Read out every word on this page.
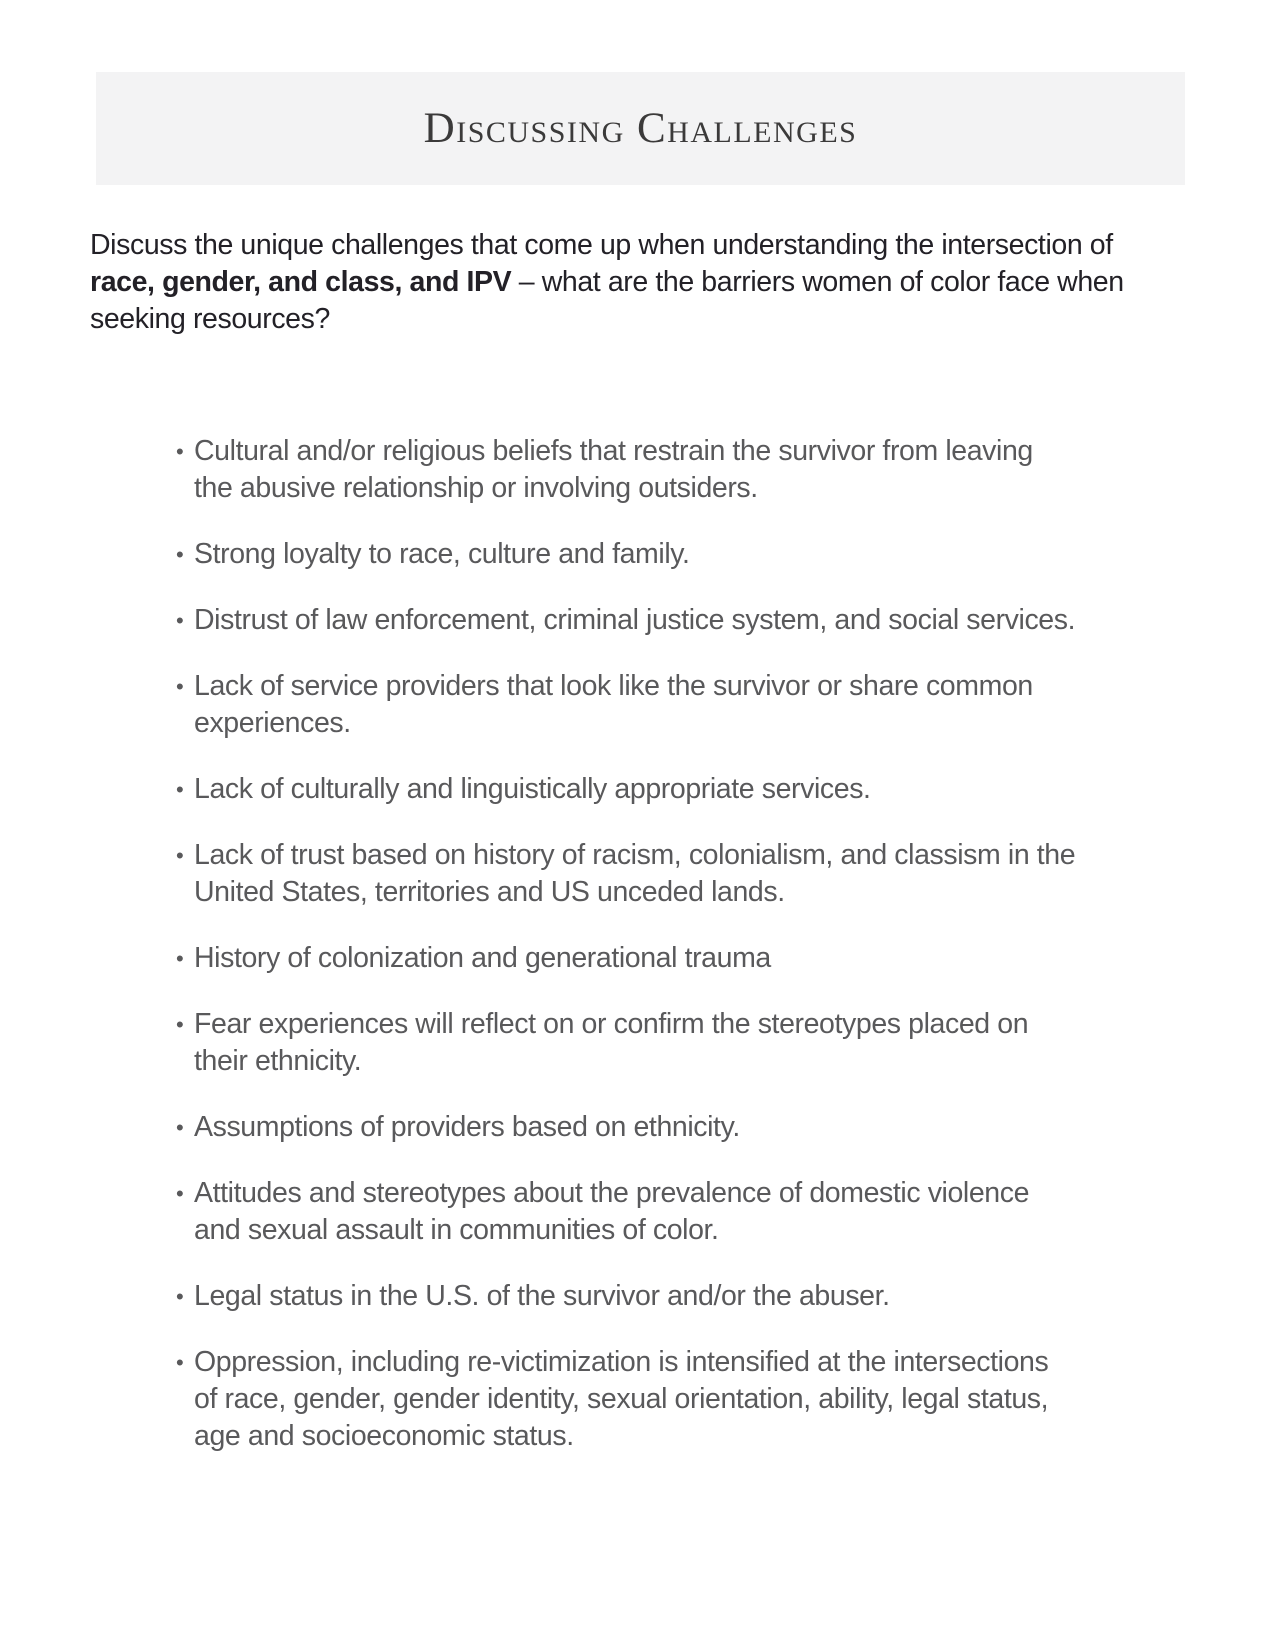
Discussing Challenges
Discuss the unique challenges that come up when understanding the intersection of
race, gender, and class, and IPV – what are the barriers women of color face when
seeking resources?
• Cultural and/or religious beliefs that restrain the survivor from leaving
the abusive relationship or involving outsiders.
• Strong loyalty to race, culture and family.
• Distrust of law enforcement, criminal justice system, and social services.
• Lack of service providers that look like the survivor or share common
experiences.
• Lack of culturally and linguistically appropriate services.
• Lack of trust based on history of racism, colonialism, and classism in the
United States, territories and US unceded lands.
• History of colonization and generational trauma
• Fear experiences will reflect on or confirm the stereotypes placed on
their ethnicity.
• Assumptions of providers based on ethnicity.
• Attitudes and stereotypes about the prevalence of domestic violence
and sexual assault in communities of color.
• Legal status in the U.S. of the survivor and/or the abuser.
• Oppression, including re-victimization is intensified at the intersections
of race, gender, gender identity, sexual orientation, ability, legal status,
age and socioeconomic status.
